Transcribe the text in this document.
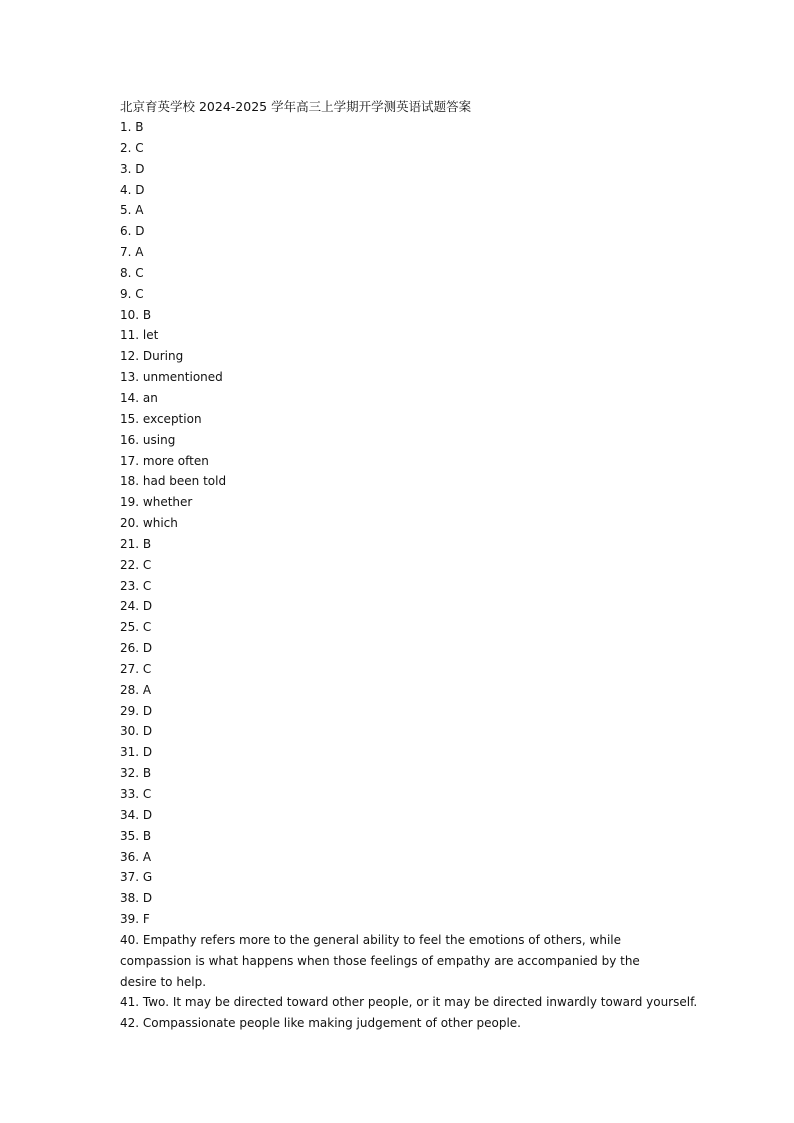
北京育英学校 2024-2025 学年高三上学期开学测英语试题答案
1. B
2. C
3. D
4. D
5. A
6. D
7. A
8. C
9. C
10. B
11. let
12. During
13. unmentioned
14. an
15. exception
16. using
17. more often
18. had been told
19. whether
20. which
21. B
22. C
23. C
24. D
25. C
26. D
27. C
28. A
29. D
30. D
31. D
32. B
33. C
34. D
35. B
36. A
37. G
38. D
39. F
40. Empathy refers more to the general ability to feel the emotions of others, while compassion is what happens when those feelings of empathy are accompanied by the desire to help.
41. Two. It may be directed toward other people, or it may be directed inwardly toward yourself.
42. Compassionate people like making judgement of other people.
